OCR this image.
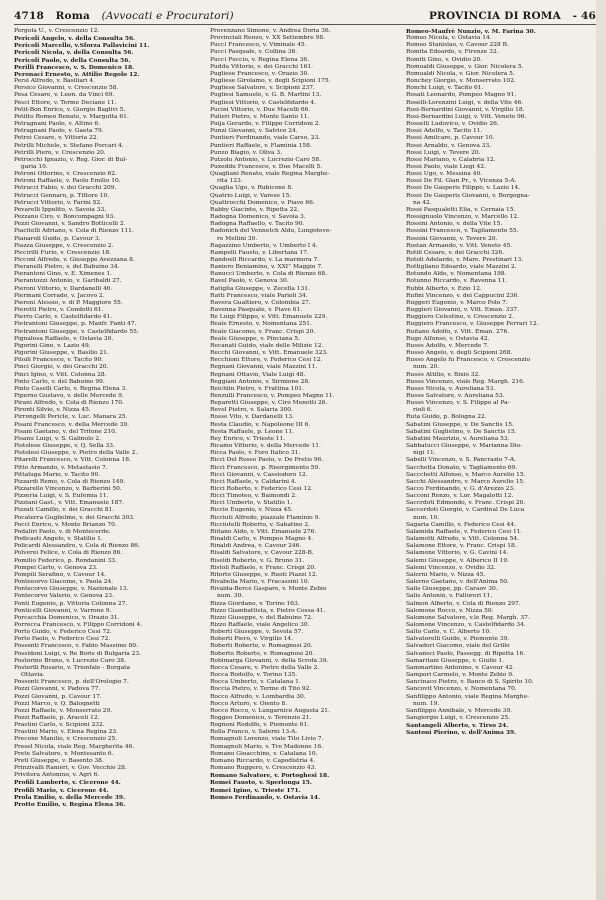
4718 Roma (Avvocati e Procuratori)	PROVINCIA DI ROMA - 46
Pergola U., v. Crescenzio 12.
Pericoli Angelo, v. della Consulta 56.
Pericoli Marcello, v.Sforza Pallavicini 11.
Pericoli Nicola, v. della Consulta 56.
Pericoli Paolo, v. della Consulta 56.
Perilli Francesco, v. S. Domenico 18.
Peronaci Ernesto, v. Attilio Regolo 12.
Persi Alfredo, v. Basiliari 4.
Persico Giovanni, v. Crescenzio 58.
Pesa Cesare, v. Leon. da Vinci 69.
Pesci Ettore, v. Terme Deciane 11.
Petit-Bon Enrico, v. Giorgio Baglivi 5.
Petitto Romeo Renato, v. Margutta 61.
Petragnani Paolo, v. Altino 6.
Petragnani Paolo, v. Gaeta 79.
Petrei Cesare, v. Vittoria 22.
Petrilli Michele, v. Stefano Porcari 4.
Petrilli Piero, v. Crescenzio 20.
Petrocchi Ignazio, v. Reg. Gior. di Bul-
garia 10.
Petroni Ottorino, v. Crescenzio 62.
Petroni Raffaele, v. Paolo Emilio 10.
Petrucci Fabio, v. dei Gracchi 209.
Petrucci Gennaro, p. Tittore 10.
Petrucci Vittorio, v. Farini 52.
Pevarelli Ippolito, v. Savoia 33.
Pezzano Ciro, v. Boncompagni 93.
Pezzi Giovanni, v. Sandro Botticelli 2.
Piacitelli Adriano, v. Cola di Rienzo 111.
Pianaroli Guido, p. Cavour 3.
Piazza Giuseppe, v. Crescenzio 2.
Piccirilli Furio, v. Crescenzio 18.
Picconi Alfredo, v. Giuseppe Avezzana 8.
Pieranelli Pietro, v. del Babuino 34.
Pierantoni Gino, v. E. Ximenes 1.
Pierantozzi Antonio, v. Garibaldi 27.
Pieroni Vittorio, v. Dardanelli 46.
Piermani Corrado, v. Jacovo 2.
Pieroni Alessio, v. di P. Maggiore 55.
Pierotti Pietro, v. Condotti 61.
Pierro Carlo, v. Castelfidardo 41.
Pietrantoni Giuseppe, p. Manfr. Fanti 47.
Pietrantoni Giuseppe, v. Castelfidardo 55.
Pignalosa Raffaele, v. Ostavia 30.
Pigorini Gino, v. Lazio 49.
Pigorini Giuseppe, v. Basilio 21.
Piloili Francesco, v. Tacito 90.
Pinci Giorgio, v. dei Gracchi 20.
Pinci Igino, v. Vitt. Colonna 28.
Pinto Carlo, v. del Babuino 99.
Pinto Caselli Carlo, v. Regina Elena 3.
Piperno Gustavo, v. delle Mercede 9.
Pirani Alfredo, v. Cola di Rienzo 170.
Pirontí Silvio, v. Nizza 45.
Pirrongelli Pericle, v. Luc. Manara 25.
Pisani Francesco, v. della Mercede 39.
Pisani Gaetano, v. del Tritone 210.
Pisanu Luigi, v. S. Galinolo 2.
Pistolese Giuseppe, v. Q. Sella 33.
Pistolesi Giuseppe, v. Pietro della Valle 2.
Pitarelli Francesco, v. Vitt. Colonna 18.
Pitto Armando, v. Metastasio 7.
Pittaluga Mario, v. Tacito 90.
Pizzardi Remo, v. Cola di Rienzo 149.
Pizzarello Vincenzo, v. Barberini 50.
Pizzeria Luigi, v. S. Eufemia 11.
Pizziani Gast., v. Vitt. Emanuele 187.
Pizzati Camillo, v. dei Gracchi 81.
Pocaterra Guglielmo, v. dei Gracchi 303.
Pocci Enrico, v. Monte Brianzo 70.
Podaliri Paolo, v. di Montecerde.
Podicasti Angelo, v. Statilio 1.
Policardi Alessandro, v. Cola di Rienzo 86.
Polverei Felice, v. Cola di Rienzo 86.
Pomilio Federico, p. Rondanini 33.
Pompei Carlo, v. Genova 23.
Pompili Serafino, v. Cavour 14.
Ponteeorvo Giacomo, v. Paola 24.
Pontecorvo Giuseppe, v. Nazionale 13.
Pontecorvo Valerio, v. Genova 23.
Ponti Eugenio, p. Vittoria Colonna 27.
Ponticelli Giovanni, v. Varrone 9.
Porcacchia Domenico, v. Orazio 31.
Porrecca Francesco, v. Filippo Corridoni 4.
Porto Guido, v. Federico Cesi 72.
Porto Paolo, v. Federico Cesi 72.
Possenti Francesco, v. Fabio Massimo 80.
Possidoni Luigi, v. Re Boris di Bulgaria 23.
Postorino Bruno, v. Lucrezio Caro 38.
Posterlli Rosario, v. Trionfale - Borgata
Ottavia.
Possenti Francesco, p. dell'Orologio 7.
Pozzi Giovanni, v. Padova 77.
Pozzi Giovanni, p. Cavour 17.
Pozzi Marco, v. Q. Baloqnetti
Pozzi Raffaele, v. Monserrato 29.
Pozzi Raffaele, p. Araceli 12.
Prastini Carlo, v. Scipioni 232.
Prastini Mario, v. Elena Regina 23.
Precone Manilio, v. Crescenzio 25.
Presel Nicola, viale Reg. Margherita 46.
Prete Salvatore, v. Montesanto 6.
Preti Giuseppe, v. Basento 38.
Prinzivalli Ranieri, v. Gov. Vecchio 28.
Privitera Antonino, v. Agri 6.
Profili Lamberto, v. Cicerone 44.
Profili Mario, v. Cicerone 44.
Prola Emilio, v. della Mercede 39.
Protto Emilio, v. Regina Elena 36.
Provenzano Simone, v. Andrea Doria 36.
Provinciali Renzo, v. XX Settembre 98.
Pucci Francesco, v. Viminale 45.
Pucci Pasquale, v. Collina 36.
Pucci Puccio, v. Regina Elena 36.
Puddu Vittorio, v. dei Gracchi 161.
Pugliese Francesco, v. Orazio 30.
Pugliese Girolamo, v. degli Scipioni 175.
Pugliese Salvatore, v. Scipioni 237.
Pugliesi Samuele, v. G. B. Martini 13.
Pugliesi Vittorio, v. Castelfidardo 4.
Pucini Vittorio, v. Due Macelli 66.
Pulieri Pietro, v. Monte Santo 11.
Puija Gerardo, v. Filippo Corridoni 2.
Punzi Giovanni, v. Satrico 24.
Puntieri Ferdinando, viale Carso, 23.
Puntieri Raffaele, v. Flaminia 158.
Punzo Biagio, v. Oliva 3.
Putzolu Antonio, v. Lucrezio Caro 58.
Puxeddu Francesco, v. Due Macelli 5.
Quagliani Renato, viale Regina Marghe-
rita 123.
Quaglia Ugo, v. Rubicone 8.
Quatrio Luigi, v. Varese 15.
Quattrocchi Domenico, v. Piave 66.
Rabby Giacinto, v. Ripetta 22.
Radogna Domenico, v. Savoia 3.
Radogna Raffaello, v. Tacito 90.
Radonich del Vennetch Aldo, Lungoteve-
re Mellini 30.
Ragazzino Umberto, v. Umberto I 4.
Rampelli Fausto, v. Libertana 17.
Randoell Riccardo, v. La marmora 7.
Raniero Beniamino, v. XXI° Maggio 7.
Ranucci Umberto, v. Cola di Rienzo 68.
Ravel Paolo, v. Genova 30.
Ratiglia Giuseppe, v. Zecella 131.
Ratti Francesco, viale Parioli 34.
Ravera Gualtiero, v. Colombia 27.
Ravenna Pasquale, v. Piave 61.
Re Luigi Filippo, v. Vitt. Emanuele 229.
Reale Ernesto, v. Nomentana 251.
Reale Giacomo, v. Franc. Crispi 20.
Reale Giuseppe, v. Pinciana 5.
Recanati Guido, viale delle Milizie 12.
Recchi Giovanni, v. Vitt. Emanuele 323.
Recchioni Ettore, v. Federico Cesi 12.
Regnani Giovanni, viale Mazzini 11.
Regnani Ottavio, Viale Luigi 48.
Reggiani Antonio, v. Sirmione 28.
Reichlin Pietro, v. Frattina 101.
Renzulli Francesco, v. Pompeo Magno 11.
Reparetti Giuseppe, v. Ciro Menotti 26.
Revel Pietro, v. Salaria 300.
Rosse Vito, v. Dardanelli 13.
Resta Claudio, v. Napoleone III 6.
Resta Raffaele, p. Leone 11.
Rey Enrico, v. Trieste 11.
Ricamo Vittorio, v. della Mercede 11.
Ricca Paolo, v. Foro Italico 31.
Ricci Del Rosso Paolo, v. De Pretis 96.
Ricci Francesco, p. Risorgimento 59.
Ricci Giovanni, v. Cassiodoro 12.
Ricci Raffaele, v. Caldarini 4.
Ricci Roberto, v. Federico Cesi 12.
Ricci Timoteo, v. Baimondi 2.
Ricci Umberto, v. Statilio 1.
Riccio Eugenio, v. Nizza 45.
Ricciuti Alfredo, piazzale Flaminio 9.
Ricciutelli Roberto, v. Sabatino 2.
Riitano Aldo, v. Vitt. Emanuele 276.
Rinaldi Carlo, v. Pompeo Magno 4.
Rinaldi Andrea, v. Cavour 246.
Risaldi Salvatore, v. Cavour 228-B.
Riseldi Roberto, v. G. Bruno 31.
Ristoli Raffaele, v. Franc. Crispi 20.
Ritorto Giuseppe, v. Ruoti Piazzi 12.
Rivabella Mario, v. Fracassini 10.
Rivalda-Bercé Gaspare, v. Monte Zebio
num. 30.
Rizza Giordano, v. Torino 163.
Rizzo Giambattista, v. Pietro Cossa 41.
Rizzo Giuseppe, v. del Babuino 72.
Rizzo Raffaele, viale Angelico 30.
Roberti Giuseppe, v. Sevola 57.
Roberti Piero, v. Virgilio 14.
Roberti Roberto, v. Romagnosi 20.
Roberto Roberto, v. Romagnosi 20.
Robimarga Giovanni, v. della Scrofa 39.
Rocca Cesare, v. Pietro della Valle 2.
Rocca Rodolfo, v. Torino 135.
Rocca Umberto, v. Catalana 1.
Roccia Pietro, v. Terme di Tito 92.
Rocco Alfredo, v. Lombardia 30.
Rocco Arturo, v. Oiento 8.
Rocco Rocco, v. Lungarnice Augusta 21.
Roggeo Domenico, v. Terenzio 21.
Rognoni Rodolfo, v. Piemonte 61.
Rolla Franco, v. Salerni 13-A.
Romagnoli Lorenzo, viale Tito Livio 7.
Romagnoli Mario, v. Tre Madonne 16.
Romano Gioacchino, v. Catalana 10.
Romano Riccardo, v. Capodistria 4.
Romano Ruggero, v. Crescenzio 43.
Romano Salvatore, v. Portoghesi 18.
Romei Fausto, v. Sperlonga 15.
Romei Igino, v. Trieste 171.
Romeo Ferdinando, v. Ostavia 14.
Romeo-Manfrè Nunzio, v. M. Farina 30.
Romeo Nicola, v. Ostavia 14.
Romeo Stanislao, v. Cavour 228 B.
Romita Edoardo, v. Firenze 32.
Romiti Gino, v. Ovidio 20.
Romualdi Giuseppe, v. Gior. Nicolera 5.
Romualdi Nicola, v. Gior. Nicolera 5.
Ronchey Giorgio, v. Monserrato 102.
Ronchi Luigi, v. Tacito 61.
Rosati Leonardo, Pompeo Magno 91.
Roselli-Lorenzini Luigi, v. della Vite 46.
Rosi-Bernardini Giovanni, v. Virgilio 18.
Rosi-Bernardini Luigi, v. Vitt. Veneto 96.
Rosselli Ludovico, v. Ovidio 26.
Rossi Adolfo, v. Tacito 11.
Rossi Amilcare, p. Cavour 10.
Rossi Arnaldo, v. Genova 33.
Rossi Luigi, v. Tevere 20.
Rossi Mariano, v. Calabria 12.
Rossi Paolo, viale Liegi 42.
Rossi Ugo, v. Messina 40.
Rossi De Fil. Gian Pr., v. Vicenza 5-A.
Rossi De Gasperis Filippo, v. Lazio 14.
Rossi De Gasperis Giovanni, v. Borgogna-
na 42.
Rossi Pasqualetti Elia, v. Cernaia 15.
Rossignuolo Vincenzo, v. Marcello 12.
Rossini Antonio, v. della Vite 15.
Rossini Francesco, v. Tagliamento 55.
Rossini Giovanni, v. Tevere 20.
Rostan Armando, v. Vitt. Veneto 45.
Rotili Cesare, v. dei Gracchi 326.
Rotoli Adelardo, v. Mare. Prestinari 13.
Rottigliano Edoardo, viale Mazzini 2.
Rotundo Aldo, v. Nomentana 198.
Rotunno Riccardo, v. Ravenna 11.
Rubbi Alberto, v. Ezio 12.
Rufini Vincenzo, v. dei Cappucini 236.
Ruggeri Eugenio, v. Marco Polo 7.
Ruggieri Giovanni, v. Vitt. Eman. 337.
Ruggiero Celestino, v. Crescenzio 2.
Ruggiero Francesco, v. Giuseppe Ferrari 12.
Ruitano Adolfo, v. Vitt. Eman. 276.
Rugo Alfonso, v. Ostavia 42.
Ruoss Adolfo, v. Mercede 7.
Russo Angelo, v. degli Scipioni 268.
Russo Angelo fu Francesco, v. Crescenzio
num. 20.
Russo Attilio, v. Bixio 32.
Russo Vincenzo, viale Reg. Margh. 216.
Russo Nicola, v. Aureliana 53.
Russo Salvatore, v. Aureliana 53.
Russo Vincenzo, v. S. Filippo al Pa-
rioli 6.
Ruta Guido, p. Bologna 22.
Sabatini Giuseppe, v. De Sanctis 15.
Sabatini Guglielmo, v. De Sanctis 15.
Sabatini Maurizio, v. Aureliana 53.
Sabbatucci Giuseppe, v. Marianna Dio-
nigi 11.
Sabelli Vincenzo, v. S. Pancrazio 7-A.
Sacchetta Donato, v. Tagliamento 69.
Saccchetti Alfonso, v. Marco Aurelio 15.
Sacchi Alessandro, v. Marco Aurelio 15.
Sacco Ferdinando, v. G. d'Arezzo 23.
Sacconi Renzo, v. Lor. Magalotti 12.
Saccrdoti Edmondo, v. Franc. Crispi 20.
Saccerdoti Giorgio, v. Cardinal De Luca
num. 10.
Sagaria Camillo, v. Federico Cesi 44.
Salamida Raffaele, v. Federico Cesi 11.
Salamotti Alfredo, v. Vitt. Colonna 54.
Salamone Ettore, v. Franc. Crispi 18.
Salamone Vittorio, v. G. Cavini 14.
Salemi Giuseppe, v. Alberico II 19.
Salemi Vincenzo, v. Ovidio 32.
Salerni Mario, v. Nizza 45.
Salerno Gaetano, v. dell'Anima 50.
Salis Giuseppe, pp. Caraov 30.
Salis Antonio, v. Falloreri 11.
Salmon Alberto, v. Cola di Rienzo 297.
Salomone Rocco, v. Nizza 50.
Salomone Salvatore, v.le Reg. Margh. 37.
Salomone Vincenzo, v. Castelfidardo 34.
Salto Carlo, v. C. Alberto 10.
Salvatorelli Guido, v. Piemonte 39.
Salvadori Giacomo, viale del Grillo
Salvaneci Paolo, Passegg. di Ripetta 16.
Samaritani Giuseppe, v. Giulio 1.
Sammartino Antonino, v. Cavour 42.
Sampori Carmelo, v. Monte Zebio 9.
Sancinaco Pietro, v. Banco di S. Spirito 10.
Sancovit Vincenzo, v. Nomentana 70.
Sanfilippo Antonio, viale Regina Marghe-
num. 19.
Sanfilippo Annibale, v. Mercede 39.
Sangiorgio Luigi, v. Crescenzio 25.
Santangeli Alberto, v. Tirso 24.
Santoni Pierino, v. dell'Anima 39.
